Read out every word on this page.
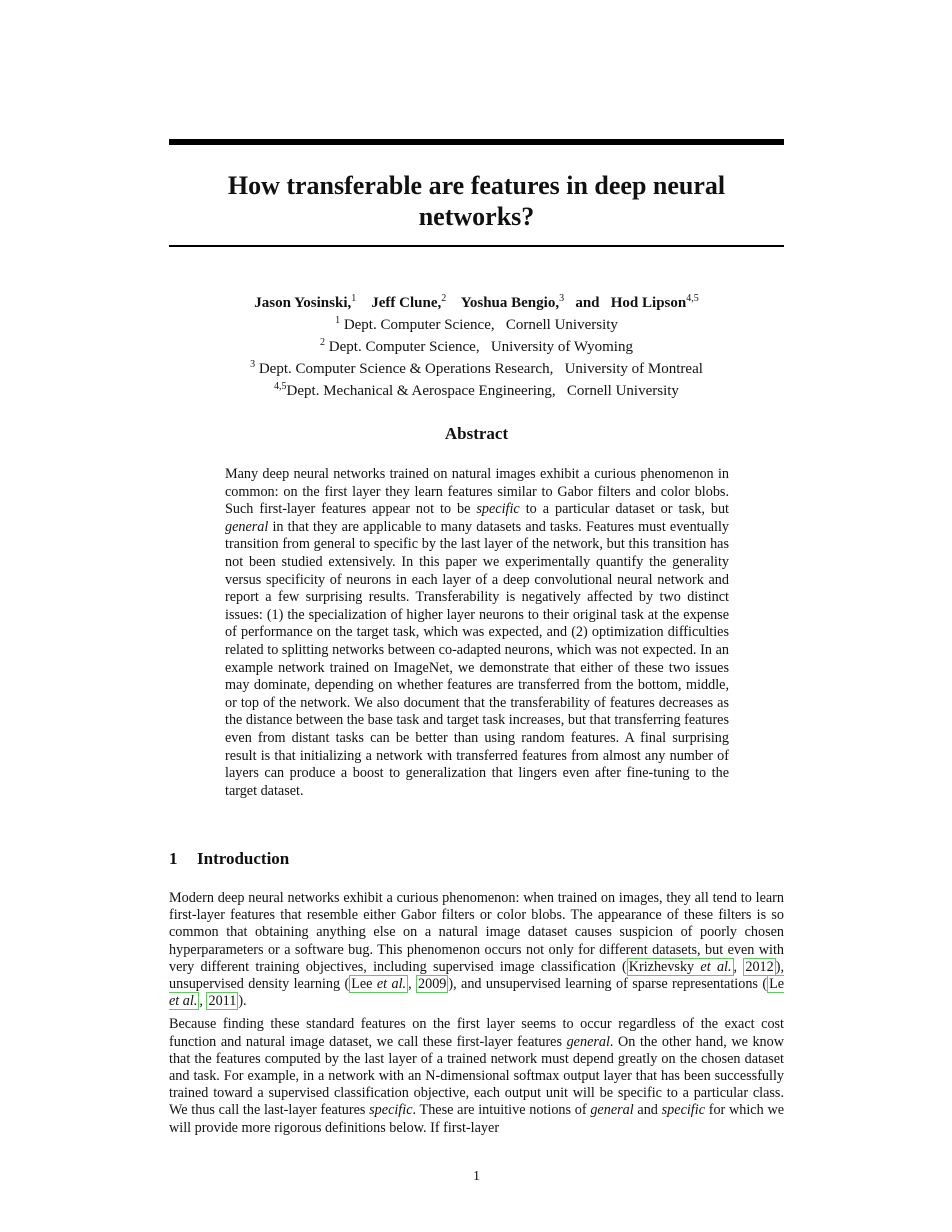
How transferable are features in deep neural networks?
Jason Yosinski,$^1$ Jeff Clune,$^2$ Yoshua Bengio,$^3$ and Hod Lipson$^{4,5}$
$^1$ Dept. Computer Science,   Cornell University
$^2$ Dept. Computer Science,   University of Wyoming
$^3$ Dept. Computer Science & Operations Research,   University of Montreal
$^{4,5}$Dept. Mechanical & Aerospace Engineering,   Cornell University
Abstract

Many deep neural networks trained on natural images exhibit a curious phenomenon in common: on the first layer they learn features similar to Gabor filters and color blobs. Such first-layer features appear not to be specific to a particular dataset or task, but general in that they are applicable to many datasets and tasks. Features must eventually transition from general to specific by the last layer of the network, but this transition has not been studied extensively. In this paper we experimentally quantify the generality versus specificity of neurons in each layer of a deep convolutional neural network and report a few surprising results. Transferability is negatively affected by two distinct issues: (1) the specialization of higher layer neurons to their original task at the expense of performance on the target task, which was expected, and (2) optimization difficulties related to splitting networks between co-adapted neurons, which was not expected. In an example network trained on ImageNet, we demonstrate that either of these two issues may dominate, depending on whether features are transferred from the bottom, middle, or top of the network. We also document that the transferability of features decreases as the distance between the base task and target task increases, but that transferring features even from distant tasks can be better than using random features. A final surprising result is that initializing a network with transferred features from almost any number of layers can produce a boost to generalization that lingers even after fine-tuning to the target dataset.

1 Introduction

Modern deep neural networks exhibit a curious phenomenon: when trained on images, they all tend to learn first-layer features that resemble either Gabor filters or color blobs. The appearance of these filters is so common that obtaining anything else on a natural image dataset causes suspicion of poorly chosen hyperparameters or a software bug. This phenomenon occurs not only for different datasets, but even with very different training objectives, including supervised image classification ( Krizhevsky et al. , 2012 ), unsupervised density learning ( Lee et al. , 2009 ), and unsupervised learning of sparse representations ( Le et al. , 2011 ).

Because finding these standard features on the first layer seems to occur regardless of the exact cost function and natural image dataset, we call these first-layer features general. On the other hand, we know that the features computed by the last layer of a trained network must depend greatly on the chosen dataset and task. For example, in a network with an N-dimensional softmax output layer that has been successfully trained toward a supervised classification objective, each output unit will be specific to a particular class. We thus call the last-layer features specific. These are intuitive notions of general and specific for which we will provide more rigorous definitions below. If first-layer

1
